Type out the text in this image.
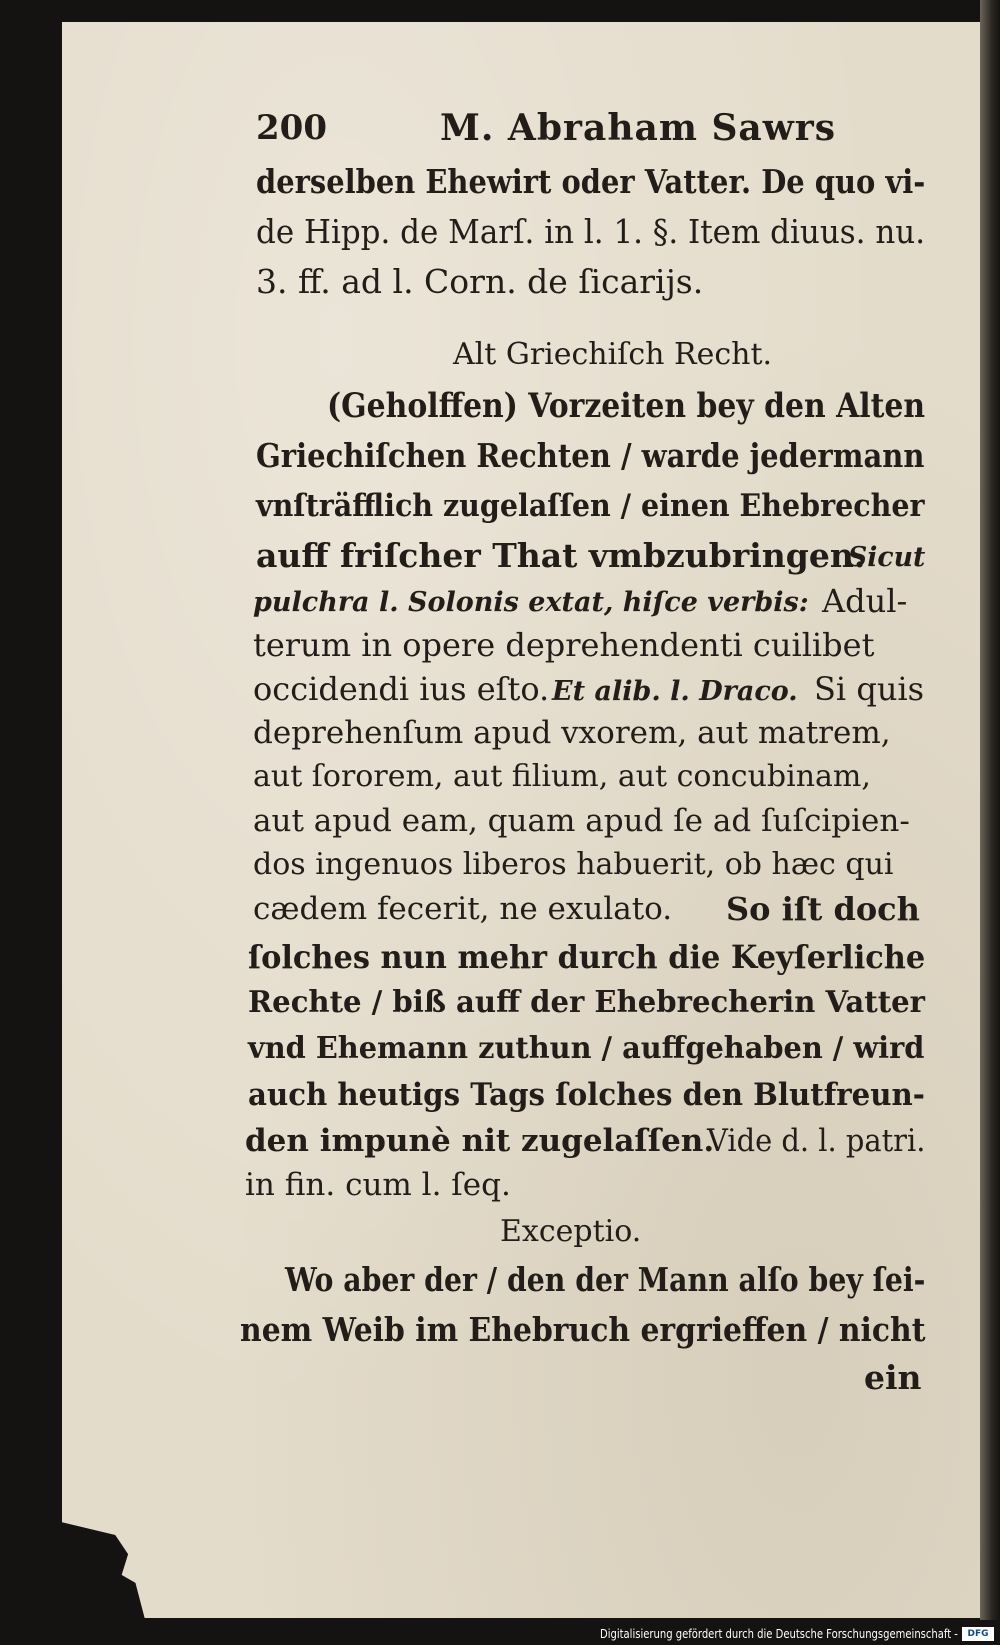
200	M. Abraham Sawrs

derselben Ehewirt oder Vatter. De quo vi-

de Hipp. de Marſ. in l. 1. §. Item diuus. nu.

3. ff. ad l. Corn. de ſicarijs.

Alt Griechiſch Recht.

(Geholffen) Vorzeiten bey den Alten

Griechiſchen Rechten / warde jedermann

vnſträfflich zugelaſſen / einen Ehebrecher

auff friſcher That vmbzubringen.

Sicut

pulchra l. Solonis extat, hiſce verbis: Adul-

terum in opere deprehendenti cuilibet

occidendi ius eſto. Et alib. l. Draco. Si quis

deprehenſum apud vxorem, aut matrem,

aut ſororem, aut filium, aut concubinam,

aut apud eam, quam apud ſe ad ſuſcipien-

dos ingenuos liberos habuerit, ob hæc qui

cædem fecerit, ne exulato. So iſt doch

ſolches nun mehr durch die Keyſerliche

Rechte / biß auff der Ehebrecherin Vatter

vnd Ehemann zuthun / auffgehaben / wird

auch heutigs Tags ſolches den Blutfreun-

den impunè nit zugelaſſen.

Vide d. l. patri.

in fin. cum l. ſeq.

Exceptio.

Wo aber der / den der Mann alſo bey ſei-

nem Weib im Ehebruch ergrieffen / nicht

ein

Digitalisierung gefördert durch die Deutsche Forschungsgemeinschaft -	DFG
